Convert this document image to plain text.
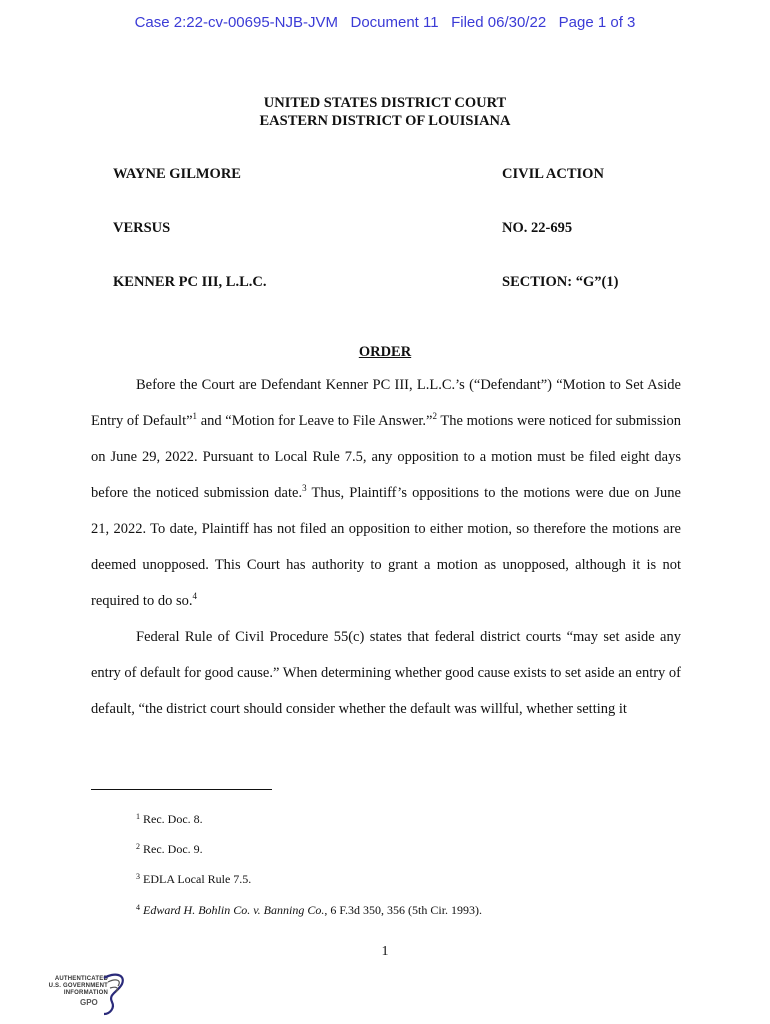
Case 2:22-cv-00695-NJB-JVM   Document 11   Filed 06/30/22   Page 1 of 3
UNITED STATES DISTRICT COURT
EASTERN DISTRICT OF LOUISIANA
WAYNE GILMORE	CIVIL ACTION
VERSUS	NO. 22-695
KENNER PC III, L.L.C.	SECTION: “G”(1)
ORDER

Before the Court are Defendant Kenner PC III, L.L.C.’s (“Defendant”) “Motion to Set Aside Entry of Default”$^1$ and “Motion for Leave to File Answer.”$^2$ The motions were noticed for submission on June 29, 2022. Pursuant to Local Rule 7.5, any opposition to a motion must be filed eight days before the noticed submission date.$^3$ Thus, Plaintiff’s oppositions to the motions were due on June 21, 2022. To date, Plaintiff has not filed an opposition to either motion, so therefore the motions are deemed unopposed. This Court has authority to grant a motion as unopposed, although it is not required to do so.$^4$

Federal Rule of Civil Procedure 55(c) states that federal district courts “may set aside any entry of default for good cause.” When determining whether good cause exists to set aside an entry of default, “the district court should consider whether the default was willful, whether setting it

$^1$ Rec. Doc. 8.
$^2$ Rec. Doc. 9.
$^3$ EDLA Local Rule 7.5.
$^4$ Edward H. Bohlin Co. v. Banning Co., 6 F.3d 350, 356 (5th Cir. 1993).
1
AUTHENTICATED
U.S. GOVERNMENT
INFORMATION
GPO
